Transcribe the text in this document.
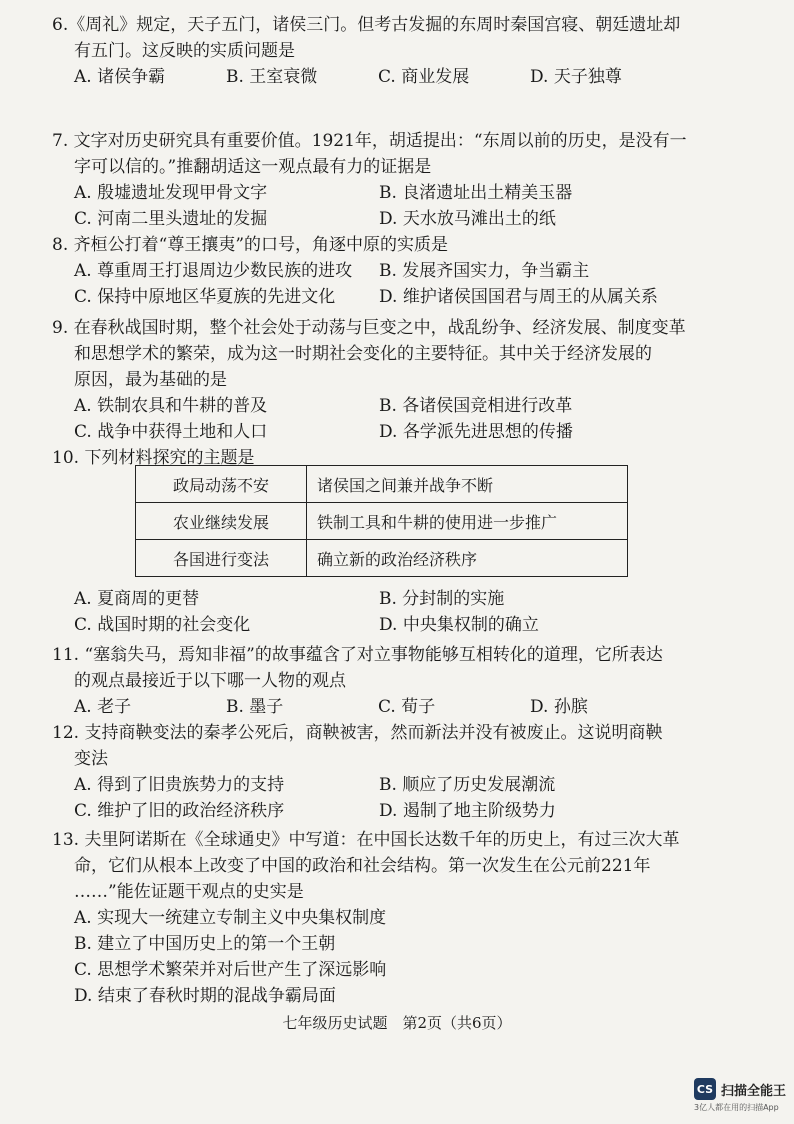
6.《周礼》规定，天子五门，诸侯三门。但考古发掘的东周时秦国宫寝、朝廷遗址却
有五门。这反映的实质问题是
A. 诸侯争霸	B. 王室衰微	C. 商业发展	D. 天子独尊
7. 文字对历史研究具有重要价值。1921年，胡适提出：“东周以前的历史，是没有一
字可以信的。”推翻胡适这一观点最有力的证据是
A. 殷墟遗址发现甲骨文字	B. 良渚遗址出土精美玉器
C. 河南二里头遗址的发掘	D. 天水放马滩出土的纸
8. 齐桓公打着“尊王攘夷”的口号，角逐中原的实质是
A. 尊重周王打退周边少数民族的进攻	B. 发展齐国实力，争当霸主
C. 保持中原地区华夏族的先进文化	D. 维护诸侯国国君与周王的从属关系
9. 在春秋战国时期，整个社会处于动荡与巨变之中，战乱纷争、经济发展、制度变革
和思想学术的繁荣，成为这一时期社会变化的主要特征。其中关于经济发展的
原因，最为基础的是
A. 铁制农具和牛耕的普及	B. 各诸侯国竞相进行改革
C. 战争中获得土地和人口	D. 各学派先进思想的传播
10. 下列材料探究的主题是
政局动荡不安	诸侯国之间兼并战争不断
农业继续发展	铁制工具和牛耕的使用进一步推广
各国进行变法	确立新的政治经济秩序
A. 夏商周的更替	B. 分封制的实施
C. 战国时期的社会变化	D. 中央集权制的确立
11. “塞翁失马，焉知非福”的故事蕴含了对立事物能够互相转化的道理，它所表达
的观点最接近于以下哪一人物的观点
A. 老子	B. 墨子	C. 荀子	D. 孙膑
12. 支持商鞅变法的秦孝公死后，商鞅被害，然而新法并没有被废止。这说明商鞅
变法
A. 得到了旧贵族势力的支持	B. 顺应了历史发展潮流
C. 维护了旧的政治经济秩序	D. 遏制了地主阶级势力
13. 夫里阿诺斯在《全球通史》中写道：在中国长达数千年的历史上，有过三次大革
命，它们从根本上改变了中国的政治和社会结构。第一次发生在公元前221年
……”能佐证题干观点的史实是
A. 实现大一统建立专制主义中央集权制度
B. 建立了中国历史上的第一个王朝
C. 思想学术繁荣并对后世产生了深远影响
D. 结束了春秋时期的混战争霸局面
七年级历史试题　第2页（共6页）
CS 扫描全能王
3亿人都在用的扫描App
